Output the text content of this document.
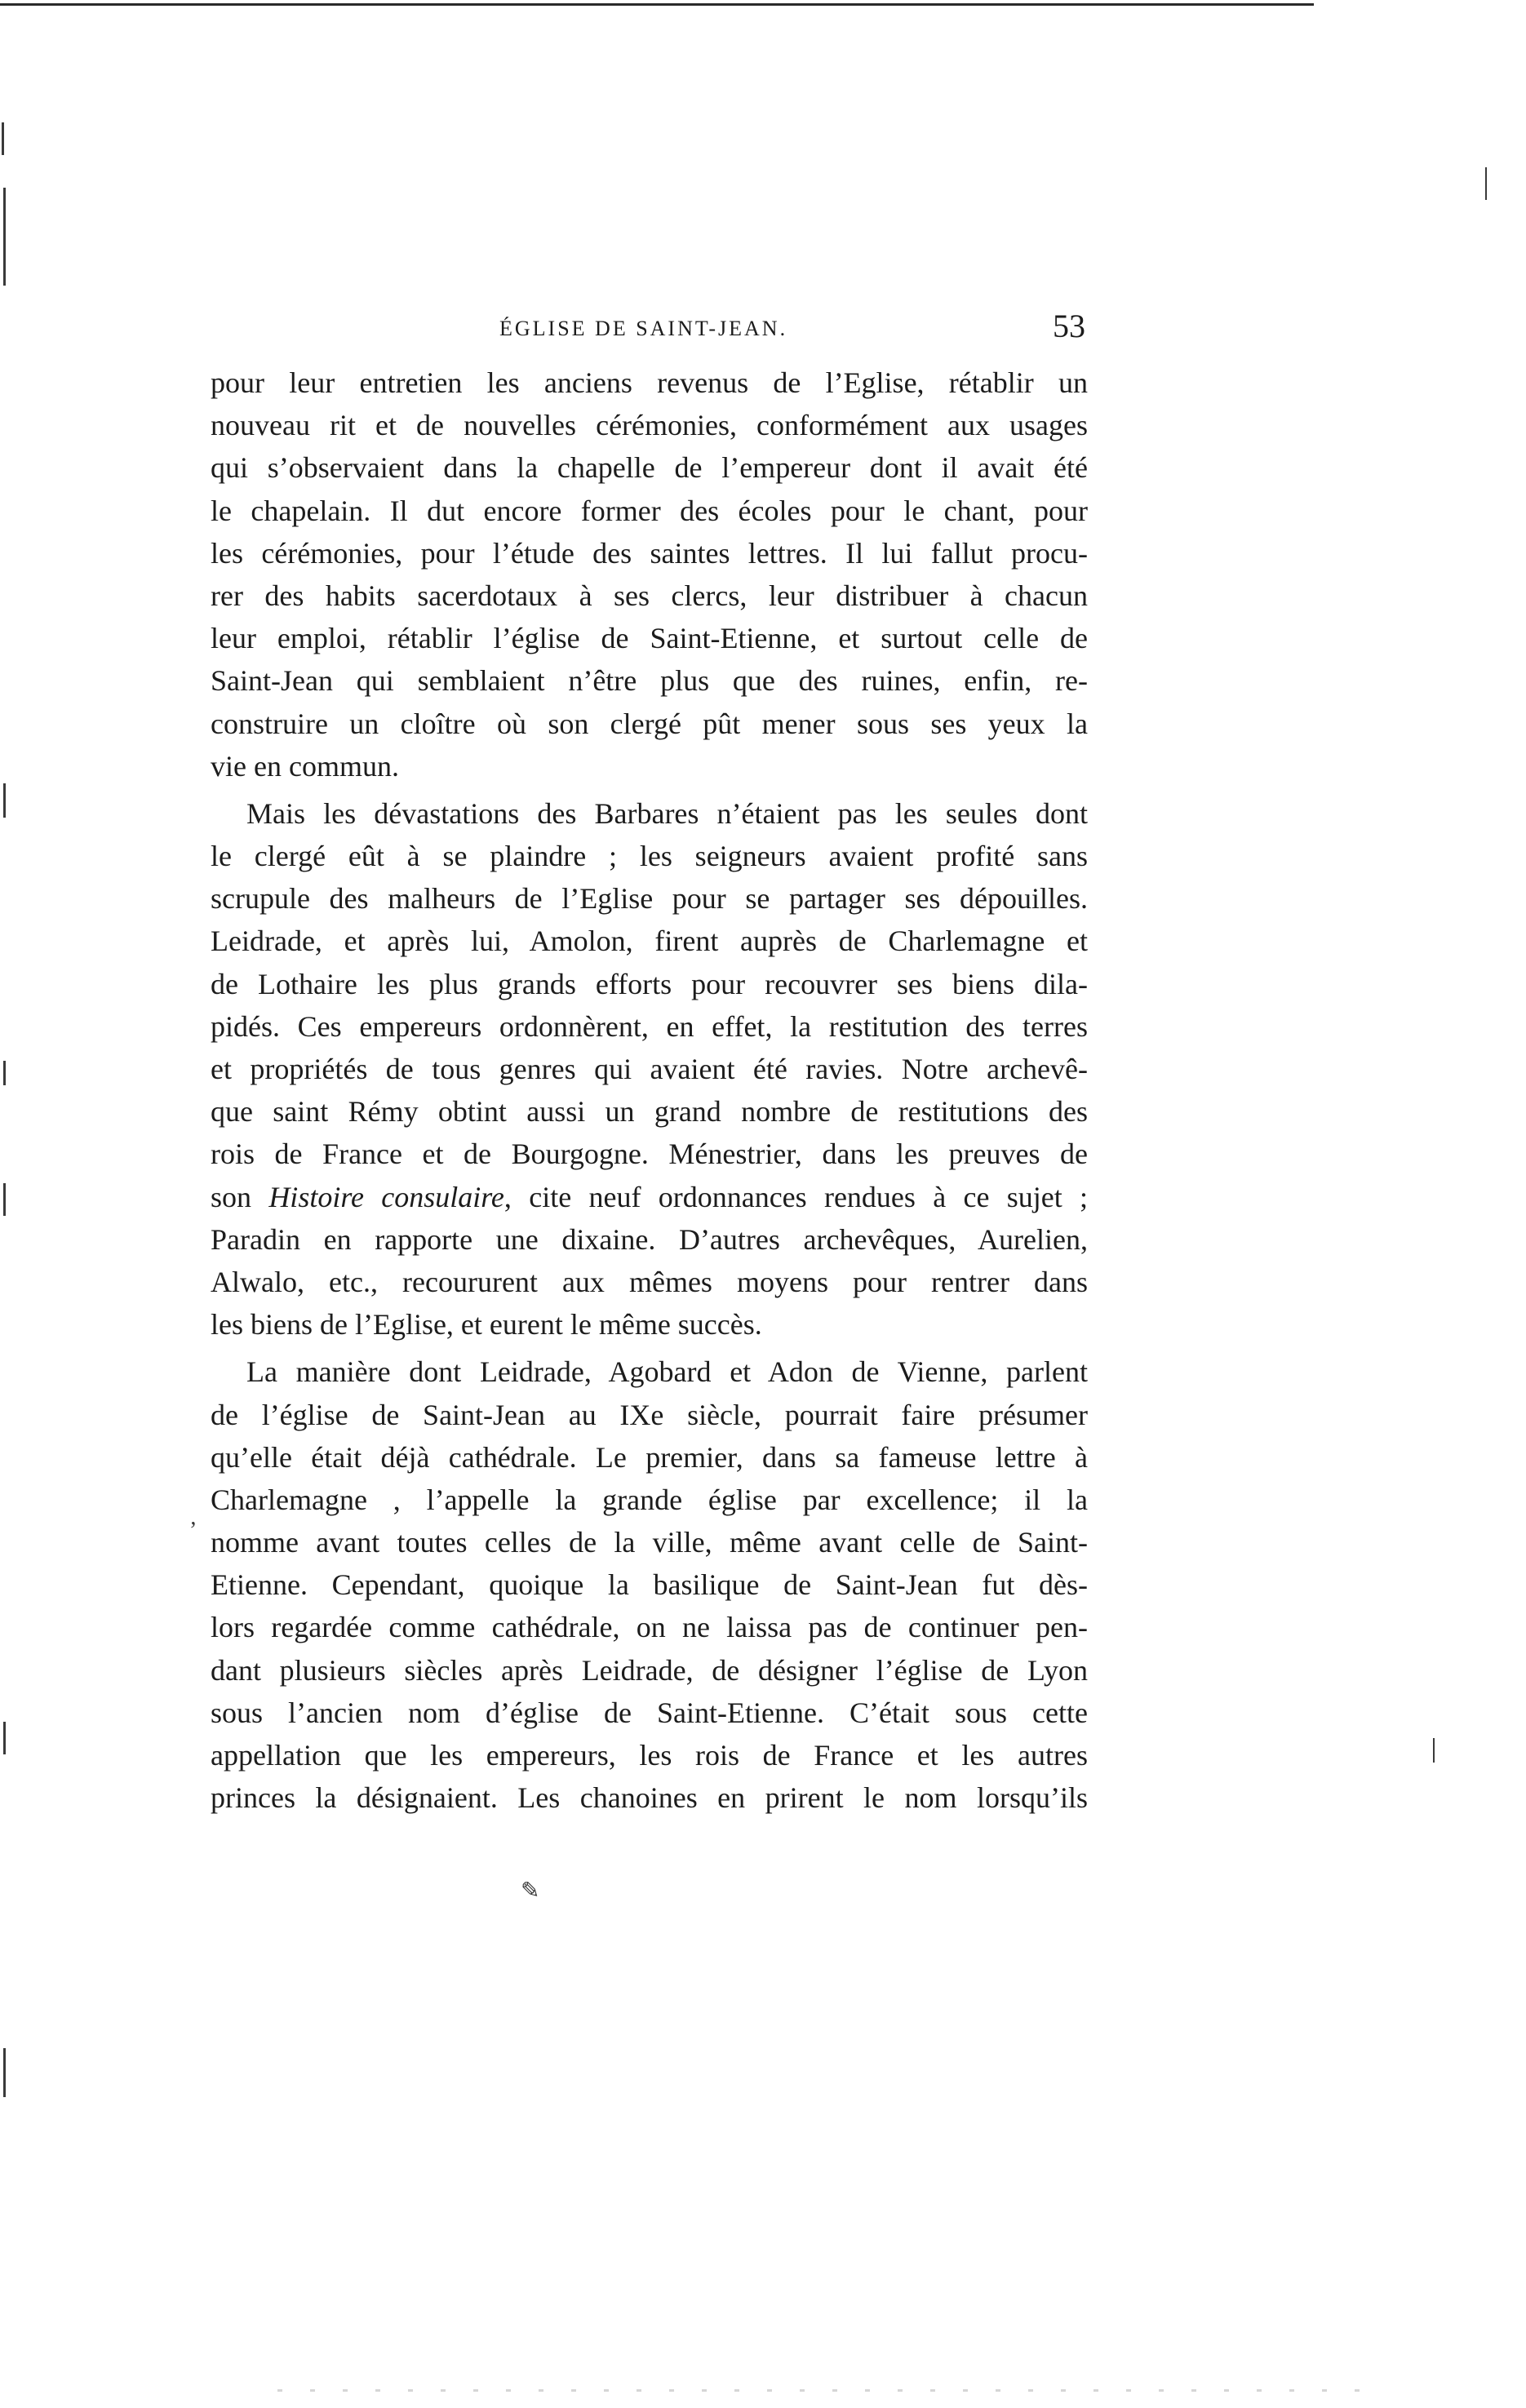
ÉGLISE DE SAINT-JEAN.	53
pour leur entretien les anciens revenus de l’Eglise, rétablir un
nouveau rit et de nouvelles cérémonies, conformément aux usages
qui s’observaient dans la chapelle de l’empereur dont il avait été
le chapelain. Il dut encore former des écoles pour le chant, pour
les cérémonies, pour l’étude des saintes lettres. Il lui fallut procu-
rer des habits sacerdotaux à ses clercs, leur distribuer à chacun
leur emploi, rétablir l’église de Saint-Etienne, et surtout celle de
Saint-Jean qui semblaient n’être plus que des ruines, enfin, re-
construire un cloître où son clergé pût mener sous ses yeux la
vie en commun.
Mais les dévastations des Barbares n’étaient pas les seules dont
le clergé eût à se plaindre ; les seigneurs avaient profité sans
scrupule des malheurs de l’Eglise pour se partager ses dépouilles.
Leidrade, et après lui, Amolon, firent auprès de Charlemagne et
de Lothaire les plus grands efforts pour recouvrer ses biens dila-
pidés. Ces empereurs ordonnèrent, en effet, la restitution des terres
et propriétés de tous genres qui avaient été ravies. Notre archevê-
que saint Rémy obtint aussi un grand nombre de restitutions des
rois de France et de Bourgogne. Ménestrier, dans les preuves de
son Histoire consulaire, cite neuf ordonnances rendues à ce sujet ;
Paradin en rapporte une dixaine. D’autres archevêques, Aurelien,
Alwalo, etc., recoururent aux mêmes moyens pour rentrer dans
les biens de l’Eglise, et eurent le même succès.
La manière dont Leidrade, Agobard et Adon de Vienne, parlent
de l’église de Saint-Jean au IXe siècle, pourrait faire présumer
qu’elle était déjà cathédrale. Le premier, dans sa fameuse lettre à
Charlemagne , l’appelle la grande église par excellence; il la
nomme avant toutes celles de la ville, même avant celle de Saint-
Etienne. Cependant, quoique la basilique de Saint-Jean fut dès-
lors regardée comme cathédrale, on ne laissa pas de continuer pen-
dant plusieurs siècles après Leidrade, de désigner l’église de Lyon
sous l’ancien nom d’église de Saint-Etienne. C’était sous cette
appellation que les empereurs, les rois de France et les autres
princes la désignaient. Les chanoines en prirent le nom lorsqu’ils
’
✎
